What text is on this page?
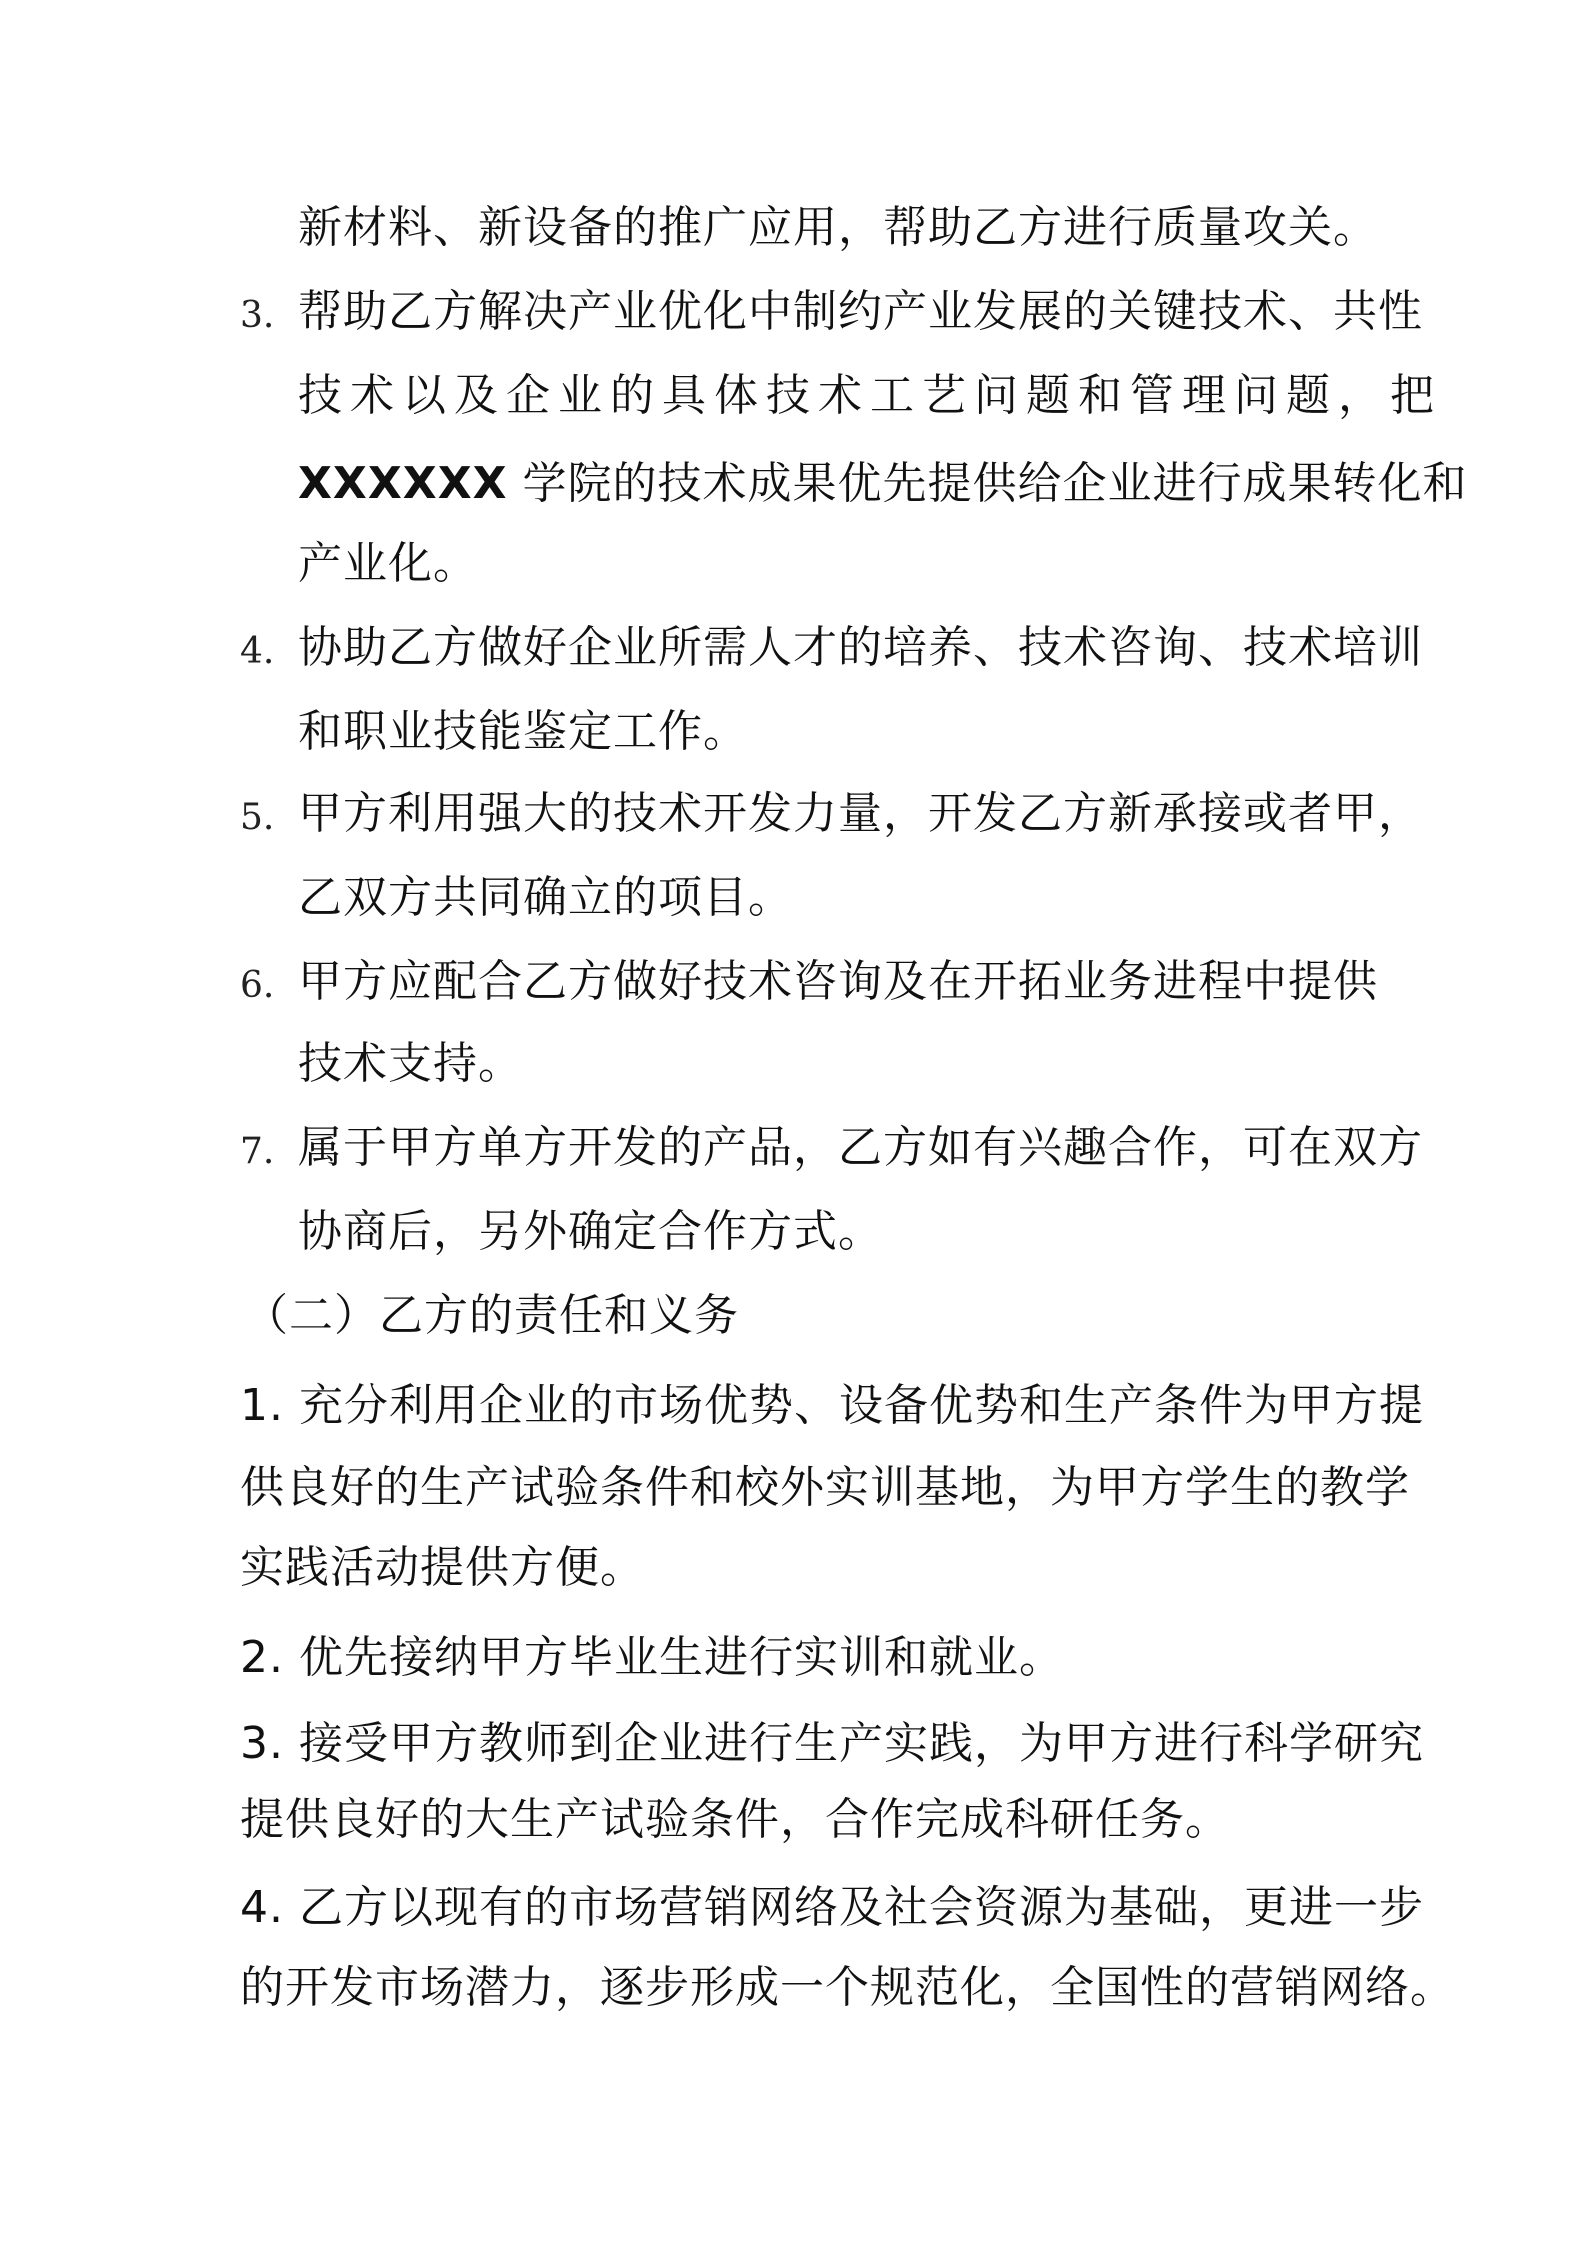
新材料、新设备的推广应用，帮助乙方进行质量攻关。
3. 帮助乙方解决产业优化中制约产业发展的关键技术、共性
技术以及企业的具体技术工艺问题和管理问题，把
XXXXXX 学院的技术成果优先提供给企业进行成果转化和
产业化。
4. 协助乙方做好企业所需人才的培养、技术咨询、技术培训
和职业技能鉴定工作。
5. 甲方利用强大的技术开发力量，开发乙方新承接或者甲，
乙双方共同确立的项目。
6. 甲方应配合乙方做好技术咨询及在开拓业务进程中提供
技术支持。
7. 属于甲方单方开发的产品，乙方如有兴趣合作，可在双方
协商后，另外确定合作方式。
（二）乙方的责任和义务
1. 充分利用企业的市场优势、设备优势和生产条件为甲方提
供良好的生产试验条件和校外实训基地，为甲方学生的教学
实践活动提供方便。
2. 优先接纳甲方毕业生进行实训和就业。
3. 接受甲方教师到企业进行生产实践，为甲方进行科学研究
提供良好的大生产试验条件，合作完成科研任务。
4. 乙方以现有的市场营销网络及社会资源为基础，更进一步
的开发市场潜力，逐步形成一个规范化，全国性的营销网络。
